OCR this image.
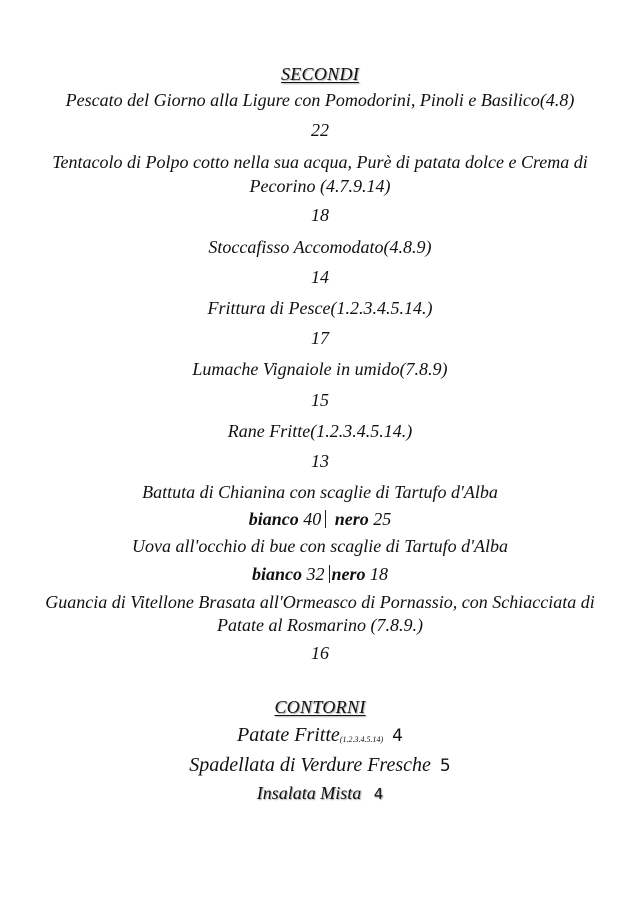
SECONDI
Pescato del Giorno alla Ligure con Pomodorini, Pinoli e Basilico(4.8)
22
Tentacolo di Polpo cotto nella sua acqua, Purè di patata dolce e Crema di
Pecorino (4.7.9.14)
18
Stoccafisso Accomodato(4.8.9)
14
Frittura di Pesce(1.2.3.4.5.14.)
17
Lumache Vignaiole in umido(7.8.9)
15
Rane Fritte(1.2.3.4.5.14.)
13
Battuta di Chianina con scaglie di Tartufo d'Alba
bianco 40 nero 25
Uova all'occhio di bue con scaglie di Tartufo d'Alba
bianco 32 nero 18
Guancia di Vitellone Brasata all'Ormeasco di Pornassio, con Schiacciata di
Patate al Rosmarino (7.8.9.)
16
CONTORNI
Patate Fritte(1.2.3.4.5.14) 4
Spadellata di Verdure Fresche 5
Insalata Mista 4
